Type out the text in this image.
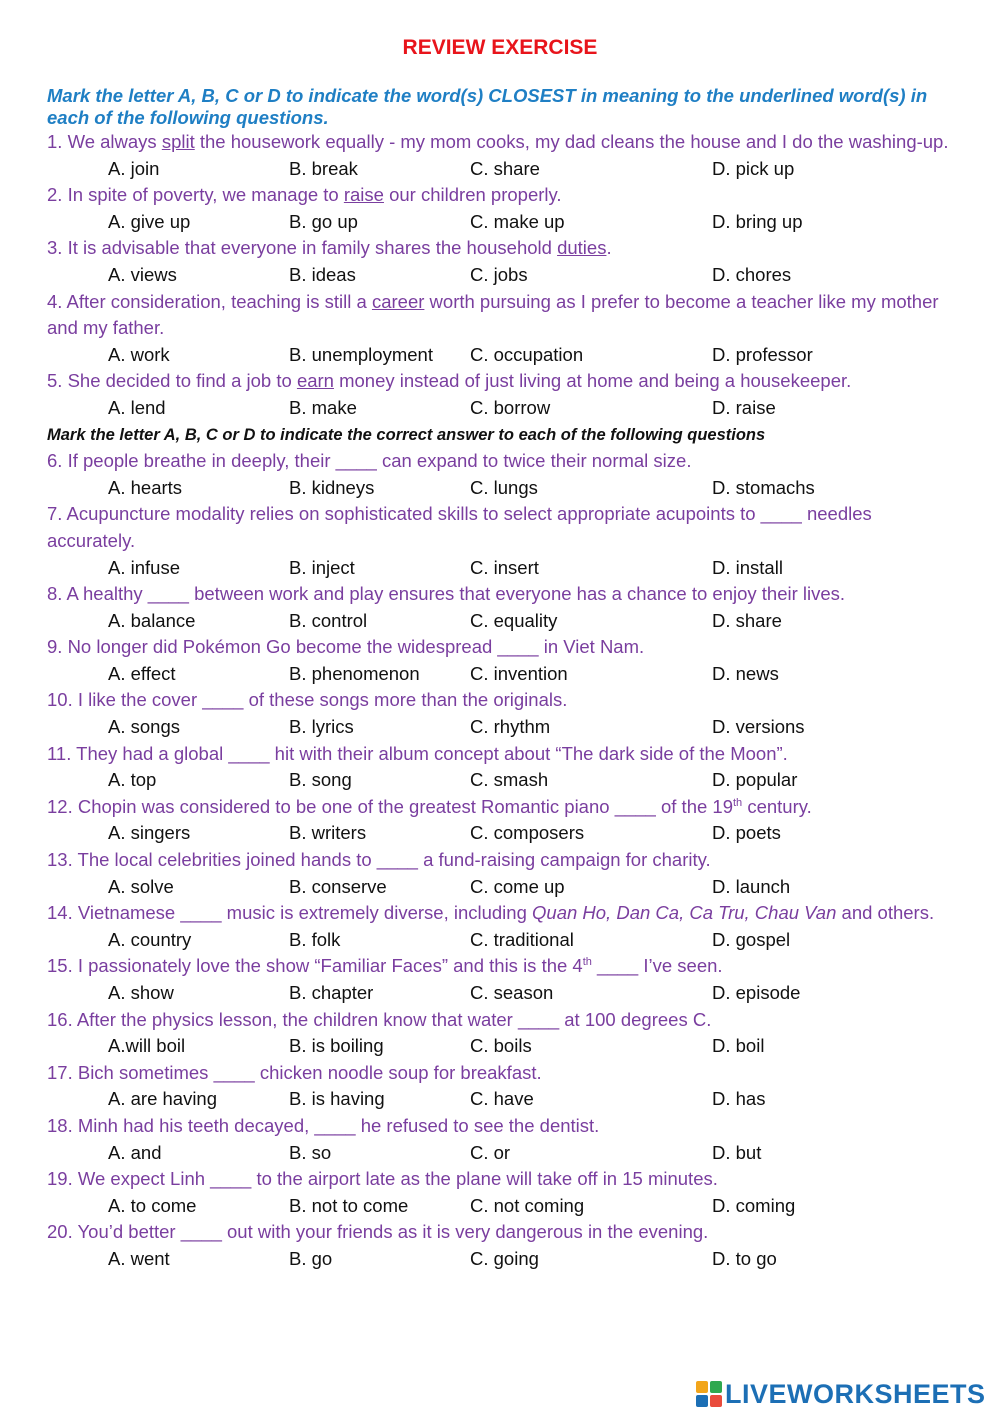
REVIEW EXERCISE
Mark the letter A, B, C or D to indicate the word(s) CLOSEST in meaning to the underlined word(s) in each of the following questions.
1. We always split the housework equally - my mom cooks, my dad cleans the house and I do the washing-up.
A. join	B. break	C. share	D. pick up
2. In spite of poverty, we manage to raise our children properly.
A. give up	B. go up	C. make up	D. bring up
3. It is advisable that everyone in family shares the household duties.
A. views	B. ideas	C. jobs	D. chores
4. After consideration, teaching is still a career worth pursuing as I prefer to become a teacher like my mother and my father.
A. work	B. unemployment C. occupation	D. professor
5. She decided to find a job to earn money instead of just living at home and being a housekeeper.
A. lend	B. make	C. borrow	D. raise
Mark the letter A, B, C or D to indicate the correct answer to each of the following questions
6. If people breathe in deeply, their ____ can expand to twice their normal size.
A. hearts	B. kidneys	C. lungs	D. stomachs
7. Acupuncture modality relies on sophisticated skills to select appropriate acupoints to ____ needles accurately.
A. infuse	B. inject	C. insert	D. install
8. A healthy ____ between work and play ensures that everyone has a chance to enjoy their lives.
A. balance	B. control	C. equality	D. share
9. No longer did Pokémon Go become the widespread ____ in Viet Nam.
A. effect	B. phenomenon	C. invention	D. news
10. I like the cover ____ of these songs more than the originals.
A. songs	B. lyrics	C. rhythm	D. versions
11. They had a global ____ hit with their album concept about “The dark side of the Moon”.
A. top	B. song	C. smash	D. popular
12. Chopin was considered to be one of the greatest Romantic piano ____ of the 19th century.
A. singers	B. writers	C. composers	D. poets
13. The local celebrities joined hands to ____ a fund-raising campaign for charity.
A. solve	B. conserve	C. come up	D. launch
14. Vietnamese ____ music is extremely diverse, including Quan Ho, Dan Ca, Ca Tru, Chau Van and others.
A. country	B. folk	C. traditional	D. gospel
15. I passionately love the show “Familiar Faces” and this is the 4th ____ I’ve seen.
A. show	B. chapter	C. season	D. episode
16. After the physics lesson, the children know that water ____ at 100 degrees C.
A.will boil	B. is boiling	C. boils	D. boil
17. Bich sometimes ____ chicken noodle soup for breakfast.
A. are having	B. is having	C. have	D. has
18. Minh had his teeth decayed, ____ he refused to see the dentist.
A. and	B. so	C. or	D. but
19. We expect Linh ____ to the airport late as the plane will take off in 15 minutes.
A. to come	B. not to come	C. not coming	D. coming
20. You’d better ____ out with your friends as it is very dangerous in the evening.
A. went	B. go	C. going	D. to go
LIVEWORKSHEETS
